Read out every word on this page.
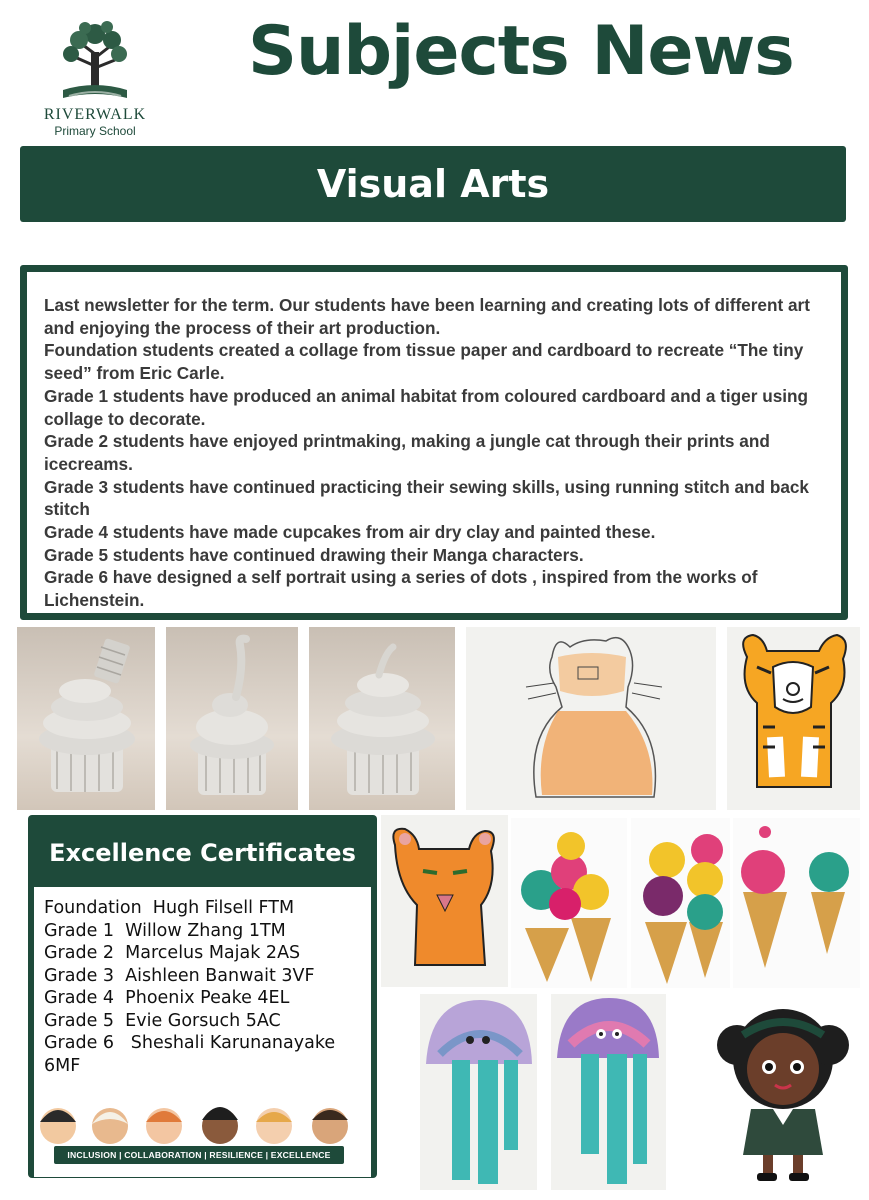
RIVERWALK
Primary School
Subjects News
Visual Arts

Last newsletter for the term. Our students have been learning and creating lots of different art and enjoying the process of their art production.

Foundation students created a collage from tissue paper and cardboard to recreate “The tiny seed” from Eric Carle.

Grade 1 students have produced an animal habitat from coloured cardboard and a tiger using collage to decorate.

Grade 2 students have enjoyed printmaking, making a jungle cat through their prints and icecreams.

Grade 3 students have continued practicing their sewing skills, using running stitch and back stitch

Grade 4 students have made cupcakes from air dry clay and painted these.

Grade 5 students have continued drawing their Manga characters.

Grade 6 have designed a self portrait using a series of dots , inspired from the works of Lichenstein.

Excellence Certificates
Foundation  Hugh Filsell FTM
Grade 1  Willow Zhang 1TM
Grade 2  Marcelus Majak 2AS
Grade 3  Aishleen Banwait 3VF
Grade 4  Phoenix Peake 4EL
Grade 5  Evie Gorsuch 5AC
Grade 6   Sheshali Karunanayake
6MF
INCLUSION | COLLABORATION | RESILIENCE | EXCELLENCE
